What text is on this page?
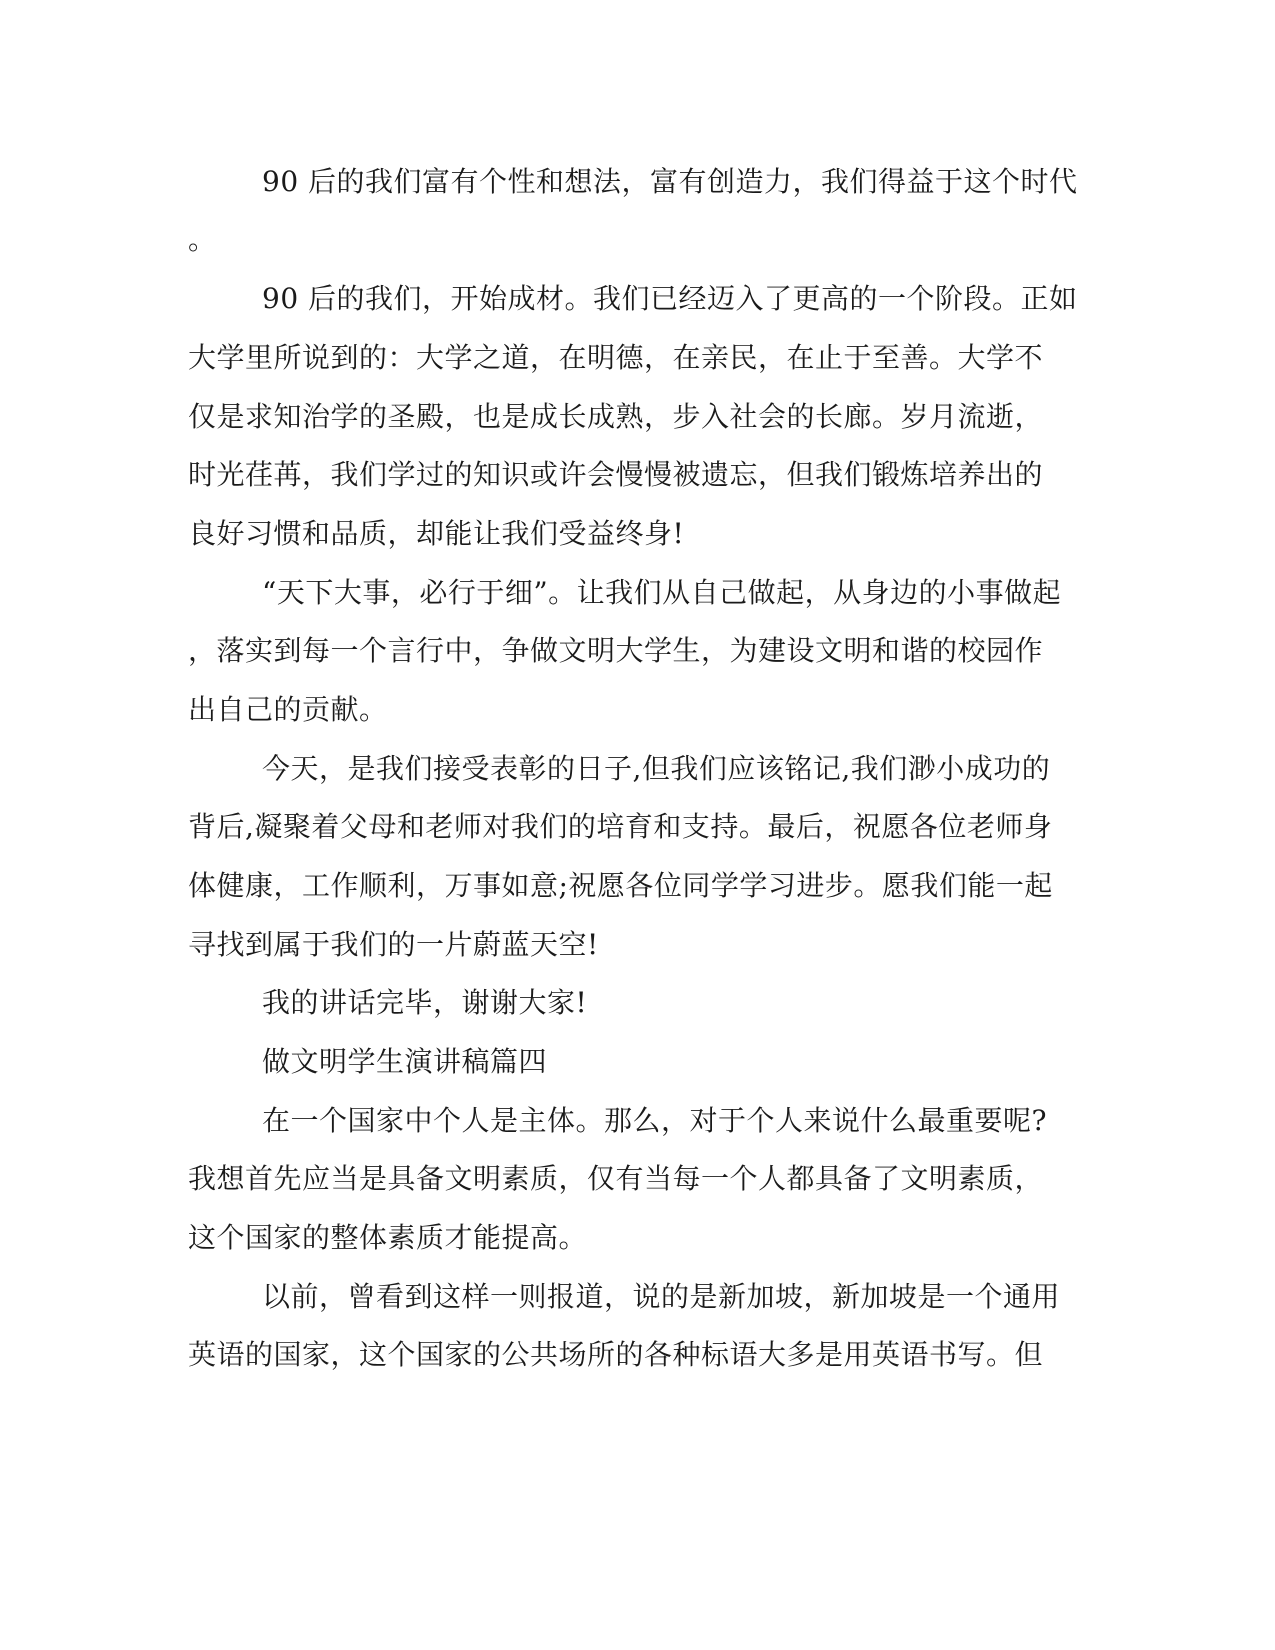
90 后的我们富有个性和想法，富有创造力，我们得益于这个时代

。

90 后的我们，开始成材。我们已经迈入了更高的一个阶段。正如

大学里所说到的：大学之道，在明德，在亲民，在止于至善。大学不

仅是求知治学的圣殿，也是成长成熟，步入社会的长廊。岁月流逝，

时光荏苒，我们学过的知识或许会慢慢被遗忘，但我们锻炼培养出的

良好习惯和品质，却能让我们受益终身!

“天下大事，必行于细”。让我们从自己做起，从身边的小事做起

，落实到每一个言行中，争做文明大学生，为建设文明和谐的校园作

出自己的贡献。

今天，是我们接受表彰的日子,但我们应该铭记,我们渺小成功的

背后,凝聚着父母和老师对我们的培育和支持。最后，祝愿各位老师身

体健康，工作顺利，万事如意;祝愿各位同学学习进步。愿我们能一起

寻找到属于我们的一片蔚蓝天空!

我的讲话完毕，谢谢大家!

做文明学生演讲稿篇四

在一个国家中个人是主体。那么，对于个人来说什么最重要呢?

我想首先应当是具备文明素质，仅有当每一个人都具备了文明素质，

这个国家的整体素质才能提高。

以前，曾看到这样一则报道，说的是新加坡，新加坡是一个通用

英语的国家，这个国家的公共场所的各种标语大多是用英语书写。但
